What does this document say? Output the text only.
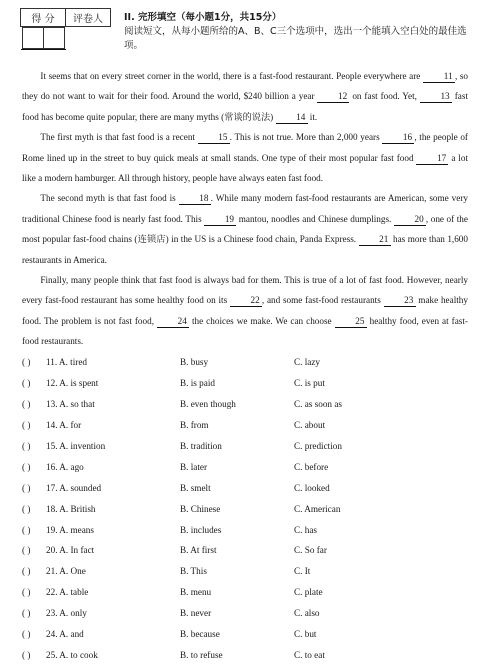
得 分	评卷人
	II. 完形填空（每小题1分，共15分）
阅读短文，从每小题所给的A、B、C三个选项中，选出一个能填入空白处的最佳选项。

It seems that on every street corner in the world, there is a fast-food restaurant. People everywhere are 11 , so they do not want to wait for their food. Around the world, $240 billion a year 12 on fast food. Yet, 13 fast food has become quite popular, there are many myths (常谈的说法) 14 it.

The first myth is that fast food is a recent 15 . This is not true. More than 2,000 years 16 , the people of Rome lined up in the street to buy quick meals at small stands. One type of their most popular fast food 17 a lot like a modern hamburger. All through history, people have always eaten fast food.

The second myth is that fast food is 18 . While many modern fast-food restaurants are American, some very traditional Chinese food is nearly fast food. This 19 mantou, noodles and Chinese dumplings. 20 , one of the most popular fast-food chains (连锁店) in the US is a Chinese food chain, Panda Express. 21 has more than 1,600 restaurants in America.

Finally, many people think that fast food is always bad for them. This is true of a lot of fast food. However, nearly every fast-food restaurant has some healthy food on its 22 , and some fast-food restaurants 23 make healthy food. The problem is not fast food, 24 the choices we make. We can choose 25 healthy food, even at fast-food restaurants.

( ) 11. A. tired	B. busy	C. lazy
( ) 12. A. is spent	B. is paid	C. is put
( ) 13. A. so that	B. even though	C. as soon as
( ) 14. A. for	B. from	C. about
( ) 15. A. invention	B. tradition	C. prediction
( ) 16. A. ago	B. later	C. before
( ) 17. A. sounded	B. smelt	C. looked
( ) 18. A. British	B. Chinese	C. American
( ) 19. A. means	B. includes	C. has
( ) 20. A. In fact	B. At first	C. So far
( ) 21. A. One	B. This	C. It
( ) 22. A. table	B. menu	C. plate
( ) 23. A. only	B. never	C. also
( ) 24. A. and	B. because	C. but
( ) 25. A. to cook	B. to refuse	C. to eat
